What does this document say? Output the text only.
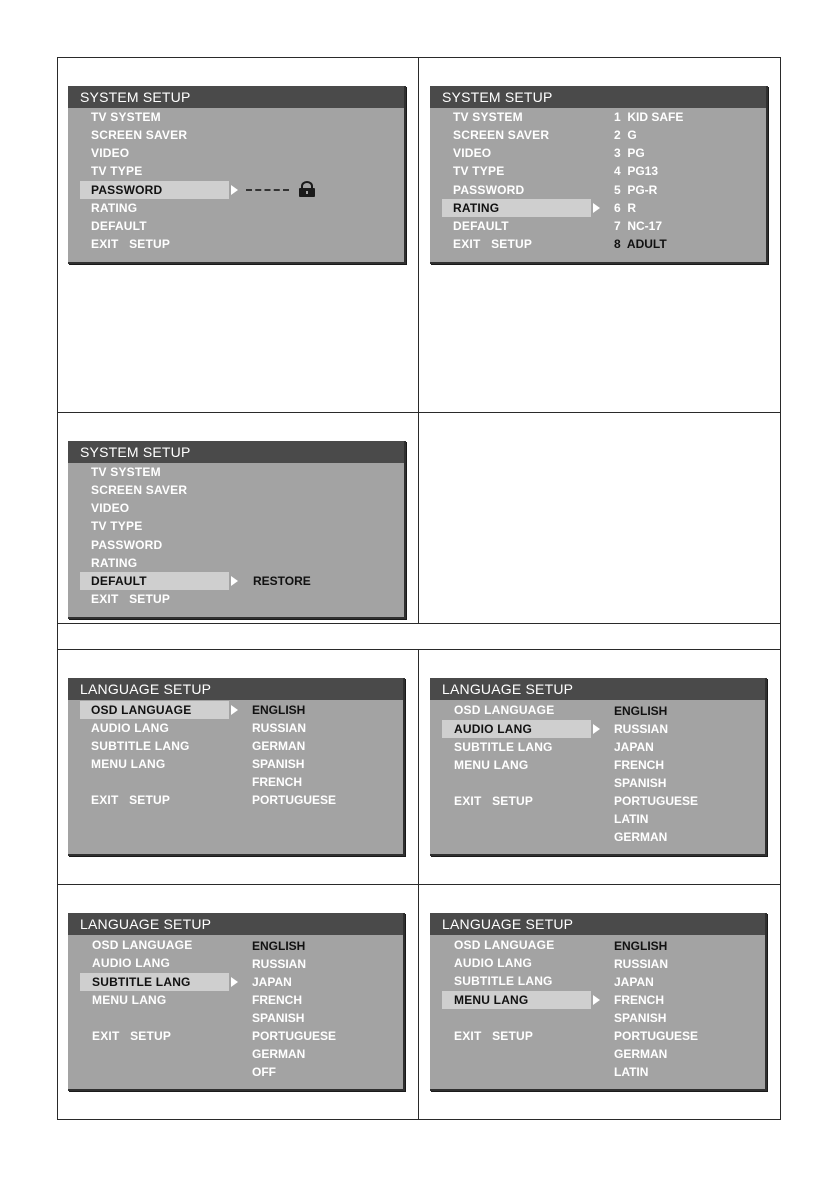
SYSTEM SETUP
TV SYSTEM
SCREEN SAVER
VIDEO
TV TYPE
PASSWORD
RATING
DEFAULT
EXIT   SETUP
SYSTEM SETUP
TV SYSTEM	1  KID SAFE
SCREEN SAVER	2  G
VIDEO	3  PG
TV TYPE	4  PG13
PASSWORD	5  PG-R
RATING	6  R
DEFAULT	7  NC-17
EXIT   SETUP	8  ADULT
SYSTEM SETUP
TV SYSTEM
SCREEN SAVER
VIDEO
TV TYPE
PASSWORD
RATING
DEFAULT	RESTORE
EXIT   SETUP
LANGUAGE SETUP
OSD LANGUAGE	ENGLISH
AUDIO LANG	RUSSIAN
SUBTITLE LANG	GERMAN
MENU LANG	SPANISH
FRENCH
EXIT   SETUP	PORTUGUESE
LANGUAGE SETUP
OSD LANGUAGE
AUDIO LANG
SUBTITLE LANG
MENU LANG
EXIT   SETUP
ENGLISH
RUSSIAN
JAPAN
FRENCH
SPANISH
PORTUGUESE
LATIN
GERMAN
LANGUAGE SETUP
OSD LANGUAGE
AUDIO LANG
SUBTITLE LANG
MENU LANG
EXIT   SETUP
ENGLISH
RUSSIAN
JAPAN
FRENCH
SPANISH
PORTUGUESE
GERMAN
OFF
LANGUAGE SETUP
OSD LANGUAGE
AUDIO LANG
SUBTITLE LANG
MENU LANG
EXIT   SETUP
ENGLISH
RUSSIAN
JAPAN
FRENCH
SPANISH
PORTUGUESE
GERMAN
LATIN
